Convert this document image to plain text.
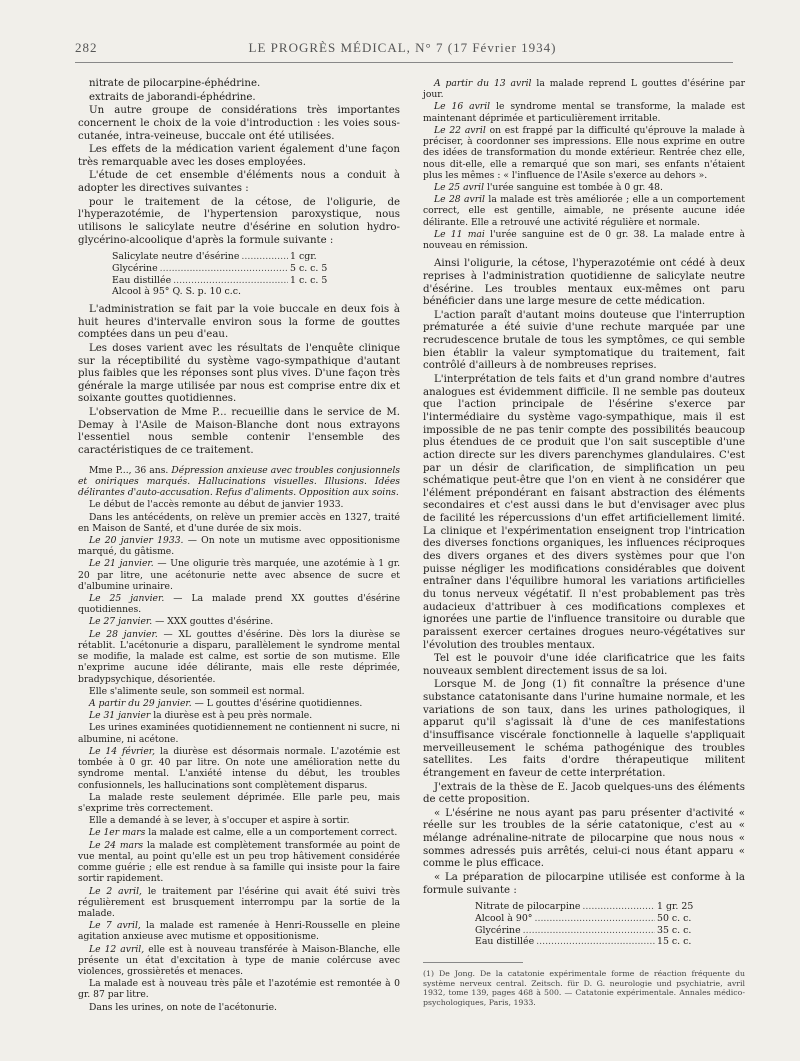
282	LE PROGRÈS MÉDICAL, N° 7 (17 Février 1934)

nitrate de pilocarpine-éphédrine.

extraits de jaborandi-éphédrine.

Un autre groupe de considérations très importantes concernent le choix de la voie d'introduction : les voies sous-cutanée, intra-veineuse, buccale ont été utilisées.

Les effets de la médication varient également d'une façon très remarquable avec les doses employées.

L'étude de cet ensemble d'éléments nous a conduit à adopter les directives suivantes :

pour le traitement de la cétose, de l'oligurie, de l'hyperazotémie, de l'hypertension paroxystique, nous utilisons le salicylate neutre d'ésérine en solution hydro-glycérino-alcoolique d'après la formule suivante :

Salicylate neutre d'ésérine .....	1 cgr.
Glycérine .....	5 c. c. 5
Eau distillée .....	1 c. c. 5
Alcool à 95° Q. S. p. 10 c.c.

L'administration se fait par la voie buccale en deux fois à huit heures d'intervalle environ sous la forme de gouttes comptées dans un peu d'eau.

Les doses varient avec les résultats de l'enquête clinique sur la réceptibilité du système vago-sympathique d'autant plus faibles que les réponses sont plus vives. D'une façon très générale la marge utilisée par nous est comprise entre dix et soixante gouttes quotidiennes.

L'observation de Mme P... recueillie dans le service de M. Demay à l'Asile de Maison-Blanche dont nous extrayons l'essentiel nous semble contenir l'ensemble des caractéristiques de ce traitement.

Mme P..., 36 ans. Dépression anxieuse avec troubles conjusionnels et oniriques marqués. Hallucinations visuelles. Illusions. Idées délirantes d'auto-accusation. Refus d'aliments. Opposition aux soins.

Le début de l'accès remonte au début de janvier 1933.

Dans les antécédents, on relève un premier accès en 1327, traité en Maison de Santé, et d'une durée de six mois.

Le 20 janvier 1933. — On note un mutisme avec oppositionisme marqué, du gâtisme.

Le 21 janvier. — Une oligurie très marquée, une azotémie à 1 gr. 20 par litre, une acétonurie nette avec absence de sucre et d'albumine urinaire.

Le 25 janvier. — La malade prend XX gouttes d'ésérine quotidiennes.

Le 27 janvier. — XXX gouttes d'ésérine.

Le 28 janvier. — XL gouttes d'ésérine. Dès lors la diurèse se rétablit. L'acétonurie a disparu, parallèlement le syndrome mental se modifie, la malade est calme, est sortie de son mutisme. Elle n'exprime aucune idée délirante, mais elle reste déprimée, bradypsychique, désorientée.

Elle s'alimente seule, son sommeil est normal.

A partir du 29 janvier. — L gouttes d'ésérine quotidiennes.

Le 31 janvier la diurèse est à peu près normale.

Les urines examinées quotidiennement ne contiennent ni sucre, ni albumine, ni acétone.

Le 14 février, la diurèse est désormais normale. L'azotémie est tombée à 0 gr. 40 par litre. On note une amélioration nette du syndrome mental. L'anxiété intense du début, les troubles confusionnels, les hallucinations sont complètement disparus.

La malade reste seulement déprimée. Elle parle peu, mais s'exprime très correctement.

Elle a demandé à se lever, à s'occuper et aspire à sortir.

Le 1er mars la malade est calme, elle a un comportement correct.

Le 24 mars la malade est complètement transformée au point de vue mental, au point qu'elle est un peu trop hâtivement considérée comme guérie ; elle est rendue à sa famille qui insiste pour la faire sortir rapidement.

Le 2 avril, le traitement par l'ésérine qui avait été suivi très régulièrement est brusquement interrompu par la sortie de la malade.

Le 7 avril, la malade est ramenée à Henri-Rousselle en pleine agitation anxieuse avec mutisme et oppositionisme.

Le 12 avril, elle est à nouveau transférée à Maison-Blanche, elle présente un état d'excitation à type de manie colércuse avec violences, grossièretés et menaces.

La malade est à nouveau très pâle et l'azotémie est remontée à 0 gr. 87 par litre.

Dans les urines, on note de l'acétonurie.

A partir du 13 avril la malade reprend L gouttes d'ésérine par jour.

Le 16 avril le syndrome mental se transforme, la malade est maintenant déprimée et particulièrement irritable.

Le 22 avril on est frappé par la difficulté qu'éprouve la malade à préciser, à coordonner ses impressions. Elle nous exprime en outre des idées de transformation du monde extérieur. Rentrée chez elle, nous dit-elle, elle a remarqué que son mari, ses enfants n'étaient plus les mêmes : « l'influence de l'Asile s'exerce au dehors ».

Le 25 avril l'urée sanguine est tombée à 0 gr. 48.

Le 28 avril la malade est très améliorée ; elle a un comportement correct, elle est gentille, aimable, ne présente aucune idée délirante. Elle a retrouvé une activité régulière et normale.

Le 11 mai l'urée sanguine est de 0 gr. 38. La malade entre à nouveau en rémission.

Ainsi l'oligurie, la cétose, l'hyperazotémie ont cédé à deux reprises à l'administration quotidienne de salicylate neutre d'ésérine. Les troubles mentaux eux-mêmes ont paru bénéficier dans une large mesure de cette médication.

L'action paraît d'autant moins douteuse que l'interruption prématurée a été suivie d'une rechute marquée par une recrudescence brutale de tous les symptômes, ce qui semble bien établir la valeur symptomatique du traitement, fait contrôlé d'ailleurs à de nombreuses reprises.

L'interprétation de tels faits et d'un grand nombre d'autres analogues est évidemment difficile. Il ne semble pas douteux que l'action principale de l'ésérine s'exerce par l'intermédiaire du système vago-sympathique, mais il est impossible de ne pas tenir compte des possibilités beaucoup plus étendues de ce produit que l'on sait susceptible d'une action directe sur les divers parenchymes glandulaires. C'est par un désir de clarification, de simplification un peu schématique peut-être que l'on en vient à ne considérer que l'élément prépondérant en faisant abstraction des éléments secondaires et c'est aussi dans le but d'envisager avec plus de facilité les répercussions d'un effet artificiellement limité. La clinique et l'expérimentation enseignent trop l'intrication des diverses fonctions organiques, les influences réciproques des divers organes et des divers systèmes pour que l'on puisse négliger les modifications considérables que doivent entraîner dans l'équilibre humoral les variations artificielles du tonus nerveux végétatif. Il n'est probablement pas très audacieux d'attribuer à ces modifications complexes et ignorées une partie de l'influence transitoire ou durable que paraissent exercer certaines drogues neuro-végétatives sur l'évolution des troubles mentaux.

Tel est le pouvoir d'une idée clarificatrice que les faits nouveaux semblent directement issus de sa loi.

Lorsque M. de Jong (1) fit connaître la présence d'une substance catatonisante dans l'urine humaine normale, et les variations de son taux, dans les urines pathologiques, il apparut qu'il s'agissait là d'une de ces manifestations d'insuffisance viscérale fonctionnelle à laquelle s'appliquait merveilleusement le schéma pathogénique des troubles satellites. Les faits d'ordre thérapeutique militent étrangement en faveur de cette interprétation.

J'extrais de la thèse de E. Jacob quelques-uns des éléments de cette proposition.

« L'ésérine ne nous ayant pas paru présenter d'activité « réelle sur les troubles de la série catatonique, c'est au « mélange adrénaline-nitrate de pilocarpine que nous nous « sommes adressés puis arrêtés, celui-ci nous étant apparu « comme le plus efficace.

« La préparation de pilocarpine utilisée est conforme à la formule suivante :

Nitrate de pilocarpine .....	1 gr. 25
Alcool à 90° .....	50 c. c.
Glycérine .....	35 c. c.
Eau distillée .....	15 c. c.
(1) De Jong. De la catatonie expérimentale forme de réaction fréquente du système nerveux central. Zeitsch. für D. G. neurologie und psychiatrie, avril 1932, tome 139, pages 468 à 500. — Catatonie expérimentale. Annales médico-psychologiques, Paris, 1933.
